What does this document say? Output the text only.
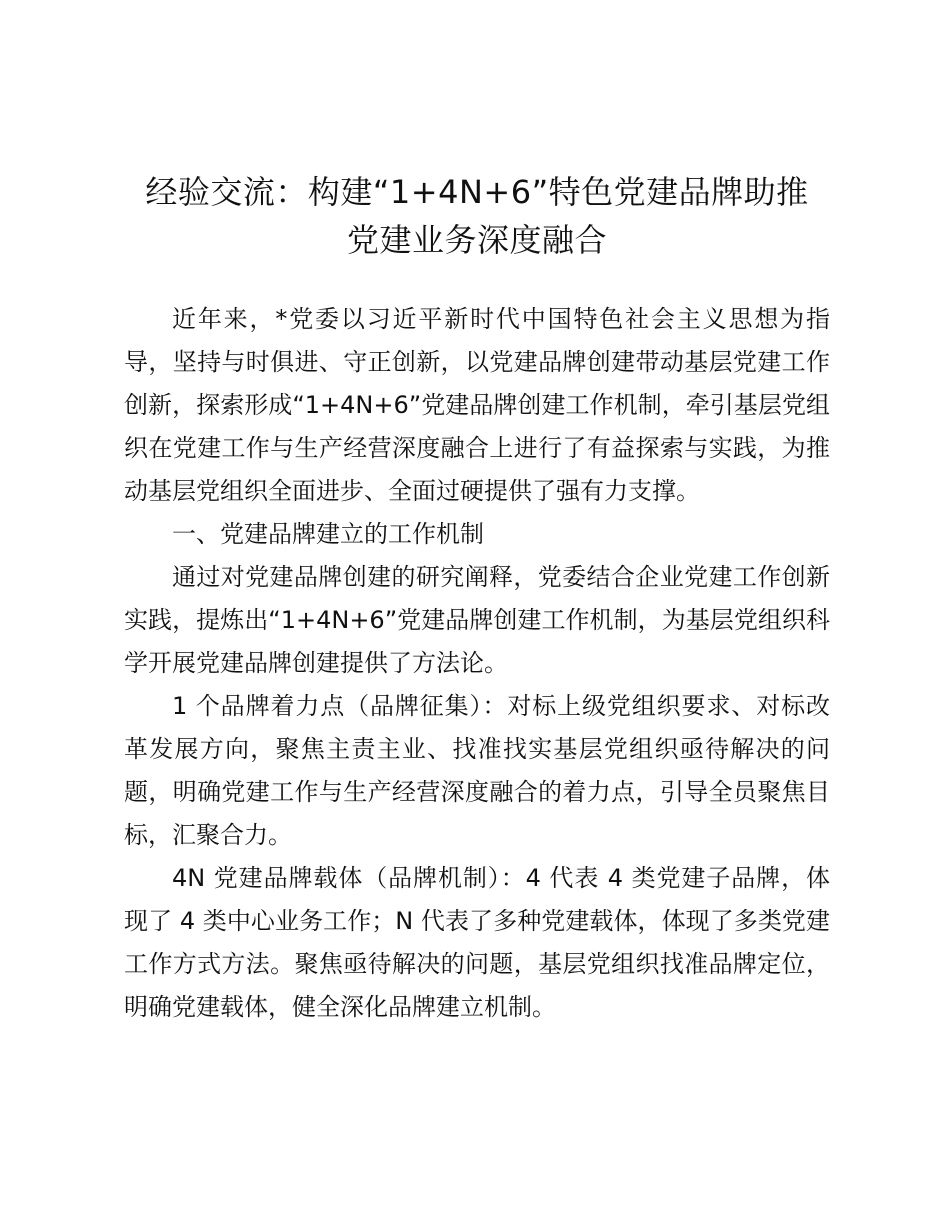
经验交流：构建“1+4N+6”特色党建品牌助推
党建业务深度融合

近年来，*党委以习近平新时代中国特色社会主义思想为指导，坚持与时俱进、守正创新，以党建品牌创建带动基层党建工作创新，探索形成“1+4N+6”党建品牌创建工作机制，牵引基层党组织在党建工作与生产经营深度融合上进行了有益探索与实践，为推动基层党组织全面进步、全面过硬提供了强有力支撑。

一、党建品牌建立的工作机制

通过对党建品牌创建的研究阐释，党委结合企业党建工作创新实践，提炼出“1+4N+6”党建品牌创建工作机制，为基层党组织科学开展党建品牌创建提供了方法论。

1 个品牌着力点（品牌征集）：对标上级党组织要求、对标改革发展方向，聚焦主责主业、找准找实基层党组织亟待解决的问题，明确党建工作与生产经营深度融合的着力点，引导全员聚焦目标，汇聚合力。

4N 党建品牌载体（品牌机制）：4 代表 4 类党建子品牌，体现了 4 类中心业务工作；N 代表了多种党建载体，体现了多类党建工作方式方法。聚焦亟待解决的问题，基层党组织找准品牌定位，明确党建载体，健全深化品牌建立机制。
